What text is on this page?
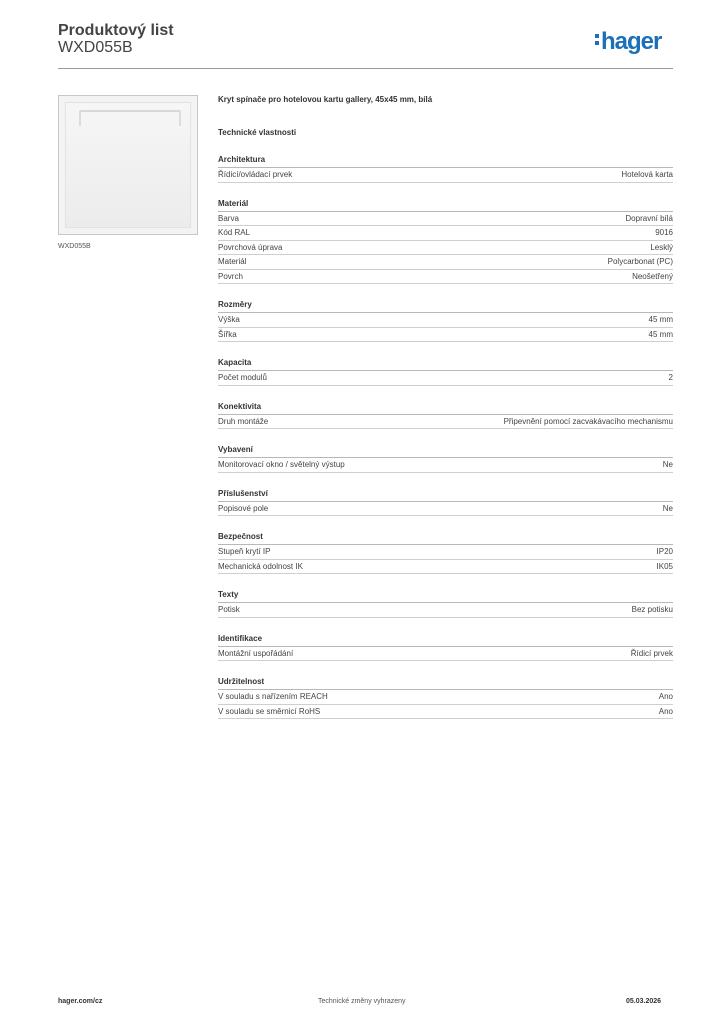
Produktový list
WXD055B	hager
WXD055B
Kryt spínače pro hotelovou kartu gallery, 45x45 mm, bílá
Technické vlastnosti
Architektura
Řídicí/ovládací prvek	Hotelová karta
Materiál
Barva	Dopravní bílá
Kód RAL	9016
Povrchová úprava	Lesklý
Materiál	Polycarbonat (PC)
Povrch	Neošetřený
Rozměry
Výška	45 mm
Šířka	45 mm
Kapacita
Počet modulů	2
Konektivita
Druh montáže	Připevnění pomocí zacvakávacího mechanismu
Vybavení
Monitorovací okno / světelný výstup	Ne
Příslušenství
Popisové pole	Ne
Bezpečnost
Stupeň krytí IP	IP20
Mechanická odolnost IK	IK05
Texty
Potisk	Bez potisku
Identifikace
Montážní uspořádání	Řídicí prvek
Udržitelnost
V souladu s nařízením REACH	Ano
V souladu se směrnicí RoHS	Ano
hager.com/cz	Technické změny vyhrazeny	05.03.2026
